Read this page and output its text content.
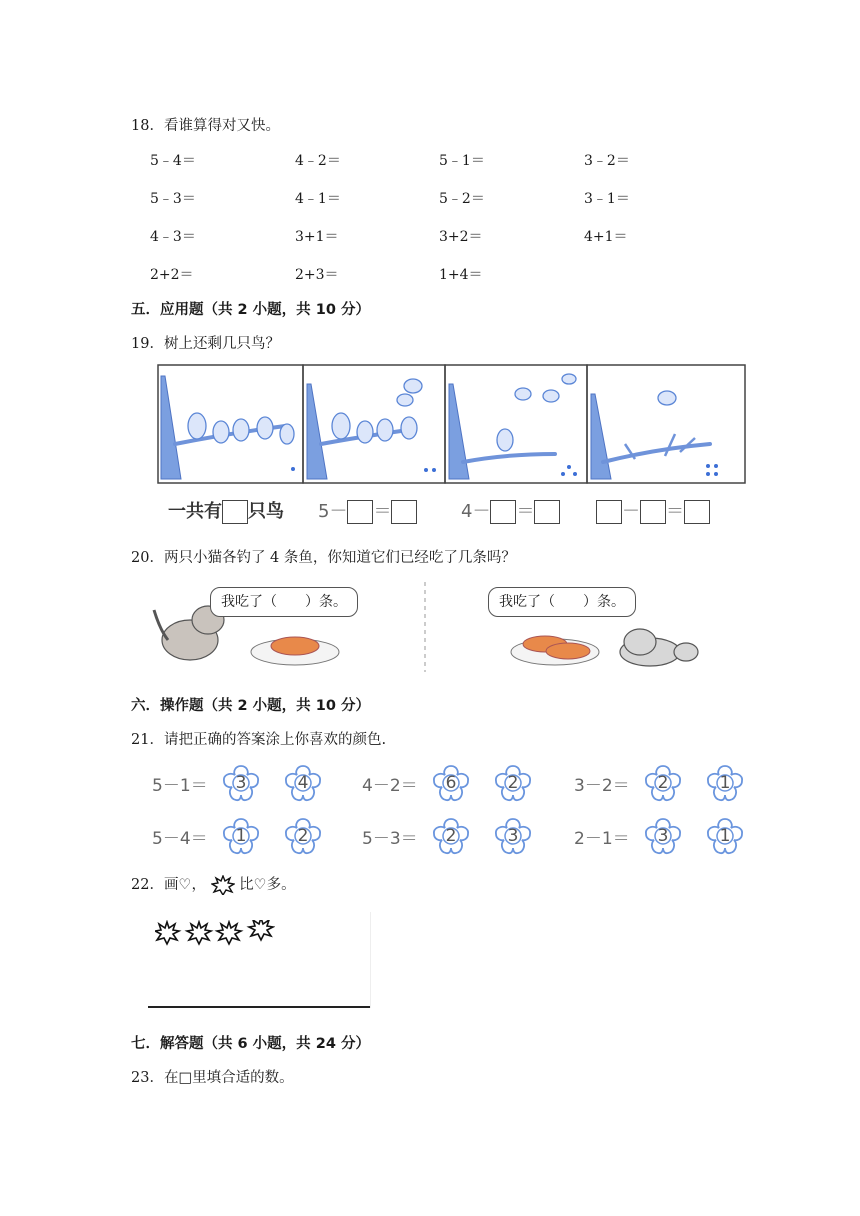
18．看谁算得对又快。
5﹣4＝	4﹣2＝	5﹣1＝	3﹣2＝
5﹣3＝	4﹣1＝	5﹣2＝	3﹣1＝
4﹣3＝	3+1＝	3+2＝	4+1＝
2+2＝	2+3＝	1+4＝
五．应用题（共 2 小题，共 10 分）
19．树上还剩几只鸟？
一共有 只鸟 5－ ＝	4－ ＝	－ ＝
20．两只小猫各钓了 4 条鱼，你知道它们已经吃了几条吗？
我吃了（　　）条。	我吃了（　　）条。
六．操作题（共 2 小题，共 10 分）
21．请把正确的答案涂上你喜欢的颜色.
5－1＝	3	4	4－2＝	6	2	3－2＝	2	1
5－4＝	1	2	5－3＝	2	3	2－1＝	3	1
22．画♡， 比♡多。
七．解答题（共 6 小题，共 24 分）
23．在□里填合适的数。
